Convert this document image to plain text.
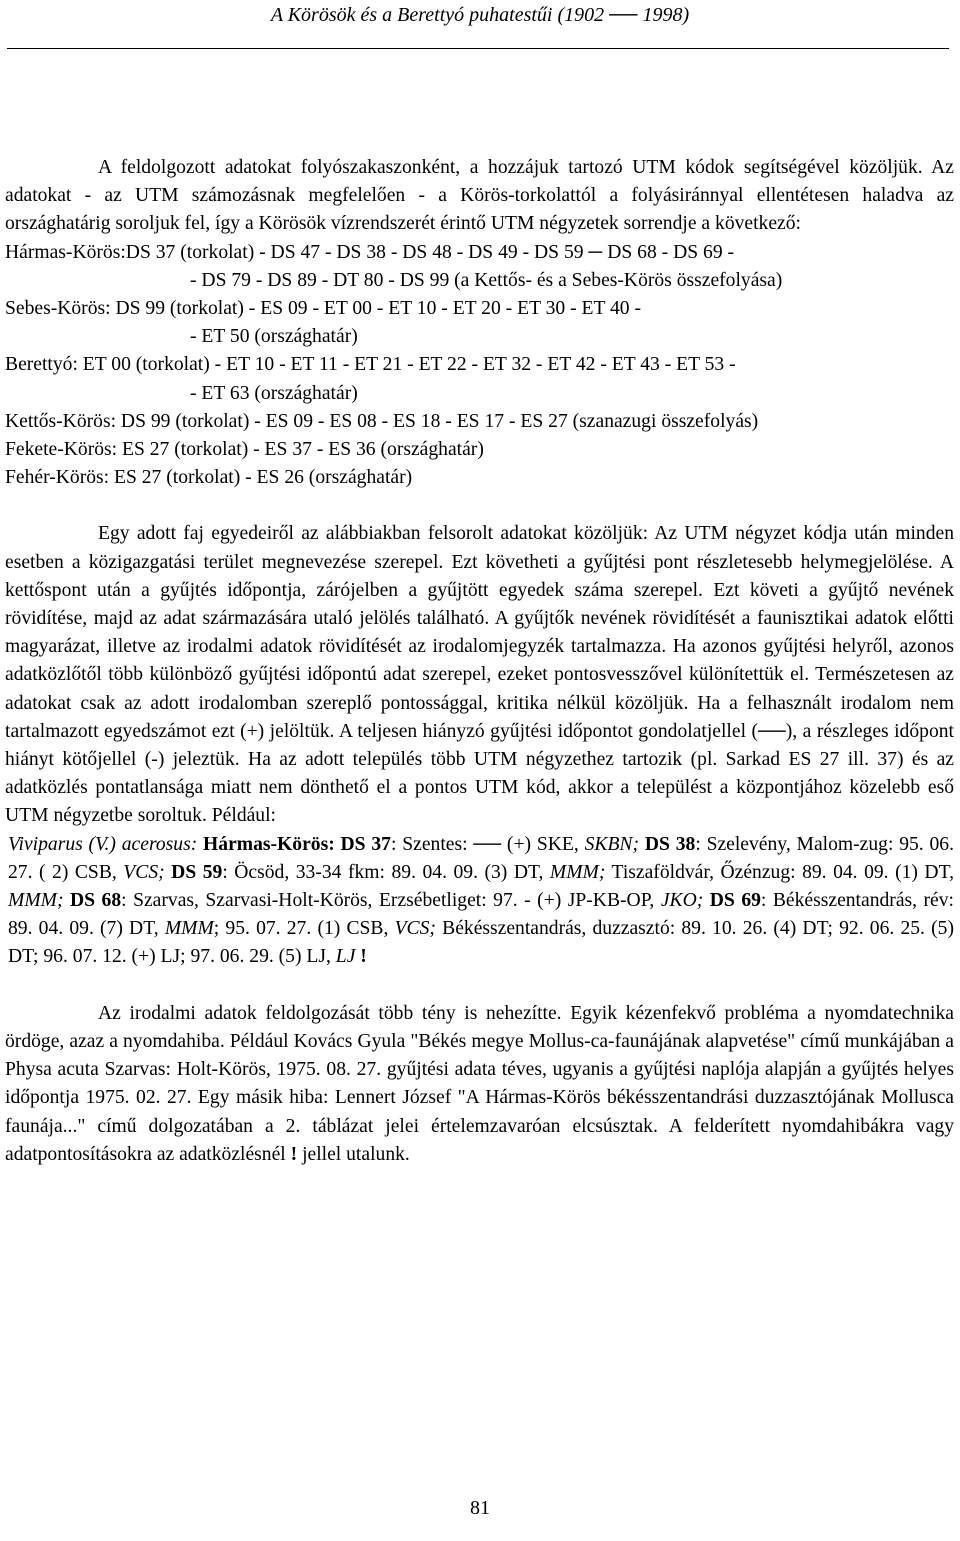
A Körösök és a Berettyó puhatestűi (1902 ── 1998)

A feldolgozott adatokat folyószakaszonként, a hozzájuk tartozó UTM kódok segítségével közöljük. Az adatokat - az UTM számozásnak megfelelően - a Körös-torkolattól a folyásiránnyal ellentétesen haladva az országhatárig soroljuk fel, így a Körösök vízrendszerét érintő UTM négyzetek sorrendje a következő:

Hármas-Körös:DS 37 (torkolat) - DS 47 - DS 38 - DS 48 - DS 49 - DS 59 ─ DS 68 - DS 69 -

- DS 79 - DS 89 - DT 80 - DS 99 (a Kettős- és a Sebes-Körös összefolyása)

Sebes-Körös: DS 99 (torkolat) - ES 09 - ET 00 - ET 10 - ET 20 - ET 30 - ET 40 -

- ET 50 (országhatár)

Berettyó: ET 00 (torkolat) - ET 10 - ET 11 - ET 21 - ET 22 - ET 32 - ET 42 - ET 43 - ET 53 -

- ET 63 (országhatár)

Kettős-Körös: DS 99 (torkolat) - ES 09 - ES 08 - ES 18 - ES 17 - ES 27 (szanazugi összefolyás)

Fekete-Körös: ES 27 (torkolat) - ES 37 - ES 36 (országhatár)

Fehér-Körös: ES 27 (torkolat) - ES 26 (országhatár)

Egy adott faj egyedeiről az alábbiakban felsorolt adatokat közöljük: Az UTM négyzet kódja után minden esetben a közigazgatási terület megnevezése szerepel. Ezt követheti a gyűjtési pont részletesebb helymegjelölése. A kettőspont után a gyűjtés időpontja, zárójelben a gyűjtött egyedek száma szerepel. Ezt követi a gyűjtő nevének rövidítése, majd az adat származására utaló jelölés található. A gyűjtők nevének rövidítését a faunisztikai adatok előtti magyarázat, illetve az irodalmi adatok rövidítését az irodalomjegyzék tartalmazza. Ha azonos gyűjtési helyről, azonos adatközlőtől több különböző gyűjtési időpontú adat szerepel, ezeket pontosvesszővel különítettük el. Természetesen az adatokat csak az adott irodalomban szereplő pontossággal, kritika nélkül közöljük. Ha a felhasznált irodalom nem tartalmazott egyedszámot ezt (+) jelöltük. A teljesen hiányzó gyűjtési időpontot gondolatjellel (──), a részleges időpont hiányt kötőjellel (-) jeleztük. Ha az adott település több UTM négyzethez tartozik (pl. Sarkad ES 27 ill. 37) és az adatközlés pontatlansága miatt nem dönthető el a pontos UTM kód, akkor a települést a központjához közelebb eső UTM négyzetbe soroltuk. Például:

Viviparus (V.) acerosus: Hármas-Körös: DS 37: Szentes: ── (+) SKE, SKBN; DS 38: Szelevény, Malom-zug: 95. 06. 27. ( 2) CSB, VCS; DS 59: Öcsöd, 33-34 fkm: 89. 04. 09. (3) DT, MMM; Tiszaföldvár, Őzénzug: 89. 04. 09. (1) DT, MMM; DS 68: Szarvas, Szarvasi-Holt-Körös, Erzsébetliget: 97. - (+) JP-KB-OP, JKO; DS 69: Békésszentandrás, rév: 89. 04. 09. (7) DT, MMM; 95. 07. 27. (1) CSB, VCS; Békésszentandrás, duzzasztó: 89. 10. 26. (4) DT; 92. 06. 25. (5) DT; 96. 07. 12. (+) LJ; 97. 06. 29. (5) LJ, LJ !

Az irodalmi adatok feldolgozását több tény is nehezítte. Egyik kézenfekvő probléma a nyomdatechnika ördöge, azaz a nyomdahiba. Például Kovács Gyula "Békés megye Mollus-ca-faunájának alapvetése" című munkájában a Physa acuta Szarvas: Holt-Körös, 1975. 08. 27. gyűjtési adata téves, ugyanis a gyűjtési naplója alapján a gyűjtés helyes időpontja 1975. 02. 27. Egy másik hiba: Lennert József "A Hármas-Körös békésszentandrási duzzasztójának Mollusca faunája..." című dolgozatában a 2. táblázat jelei értelemzavaróan elcsúsztak. A felderített nyomdahibákra vagy adatpontosításokra az adatközlésnél ! jellel utalunk.

81
